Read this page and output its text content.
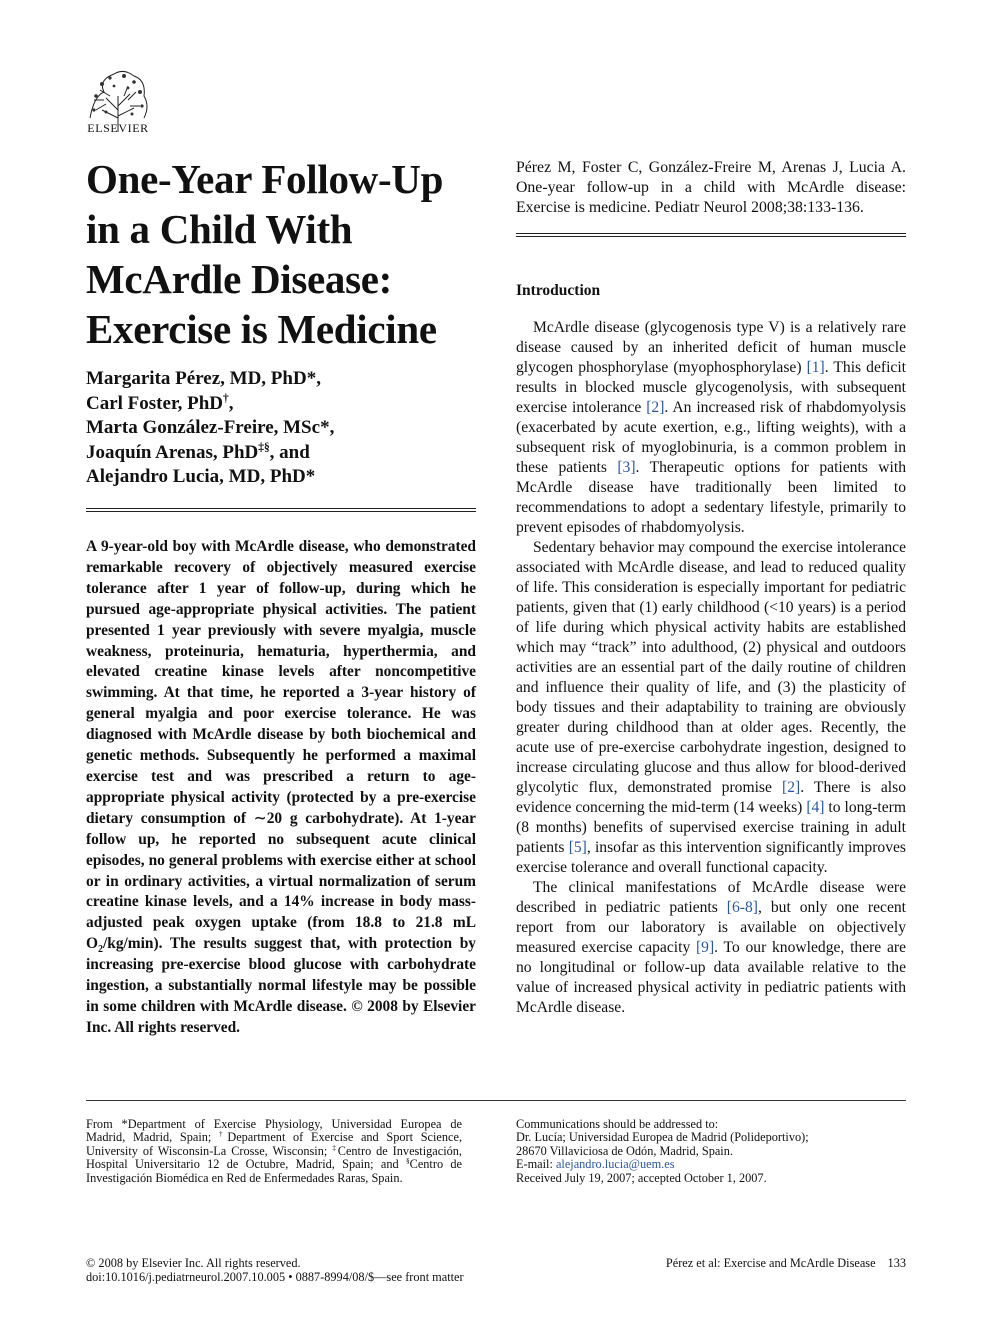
ELSEVIER
One-Year Follow-Up
in a Child With
McArdle Disease:
Exercise is Medicine
Margarita Pérez, MD, PhD*,
Carl Foster, PhD†,
Marta González-Freire, MSc*,
Joaquín Arenas, PhD‡§, and
Alejandro Lucia, MD, PhD*

A 9-year-old boy with McArdle disease, who demonstrated remarkable recovery of objectively measured exercise tolerance after 1 year of follow-up, during which he pursued age-appropriate physical activities. The patient presented 1 year previously with severe myalgia, muscle weakness, proteinuria, hematuria, hyperthermia, and elevated creatine kinase levels after noncompetitive swimming. At that time, he reported a 3-year history of general myalgia and poor exercise tolerance. He was diagnosed with McArdle disease by both biochemical and genetic methods. Subsequently he performed a maximal exercise test and was prescribed a return to age-appropriate physical activity (protected by a pre-exercise dietary consumption of ∼20 g carbohydrate). At 1-year follow up, he reported no subsequent acute clinical episodes, no general problems with exercise either at school or in ordinary activities, a virtual normalization of serum creatine kinase levels, and a 14% increase in body mass-adjusted peak oxygen uptake (from 18.8 to 21.8 mL $O_2/kg/\min$). The results suggest that, with protection by increasing pre-exercise blood glucose with carbohydrate ingestion, a substantially normal lifestyle may be possible in some children with McArdle disease. © 2008 by Elsevier Inc. All rights reserved.

Pérez M, Foster C, González-Freire M, Arenas J, Lucia A. One-year follow-up in a child with McArdle disease: Exercise is medicine. Pediatr Neurol 2008;38:133-136.

Introduction

McArdle disease (glycogenosis type V) is a relatively rare disease caused by an inherited deficit of human muscle glycogen phosphorylase (myophosphorylase) [1]. This deficit results in blocked muscle glycogenolysis, with subsequent exercise intolerance [2]. An increased risk of rhabdomyolysis (exacerbated by acute exertion, e.g., lifting weights), with a subsequent risk of myoglobinuria, is a common problem in these patients [3]. Therapeutic options for patients with McArdle disease have traditionally been limited to recommendations to adopt a sedentary lifestyle, primarily to prevent episodes of rhabdomyolysis.

Sedentary behavior may compound the exercise intolerance associated with McArdle disease, and lead to reduced quality of life. This consideration is especially important for pediatric patients, given that (1) early childhood (<10 years) is a period of life during which physical activity habits are established which may “track” into adulthood, (2) physical and outdoors activities are an essential part of the daily routine of children and influence their quality of life, and (3) the plasticity of body tissues and their adaptability to training are obviously greater during childhood than at older ages. Recently, the acute use of pre-exercise carbohydrate ingestion, designed to increase circulating glucose and thus allow for blood-derived glycolytic flux, demonstrated promise [2]. There is also evidence concerning the mid-term (14 weeks) [4] to long-term (8 months) benefits of supervised exercise training in adult patients [5], insofar as this intervention significantly improves exercise tolerance and overall functional capacity.

The clinical manifestations of McArdle disease were described in pediatric patients [6-8], but only one recent report from our laboratory is available on objectively measured exercise capacity [9]. To our knowledge, there are no longitudinal or follow-up data available relative to the value of increased physical activity in pediatric patients with McArdle disease.

From *Department of Exercise Physiology, Universidad Europea de Madrid, Madrid, Spain; †Department of Exercise and Sport Science, University of Wisconsin-La Crosse, Wisconsin; ‡Centro de Investigación, Hospital Universitario 12 de Octubre, Madrid, Spain; and §Centro de Investigación Biomédica en Red de Enfermedades Raras, Spain.

Communications should be addressed to:
Dr. Lucía; Universidad Europea de Madrid (Polideportivo);
28670 Villaviciosa de Odón, Madrid, Spain.
E-mail: alejandro.lucia@uem.es
Received July 19, 2007; accepted October 1, 2007.
© 2008 by Elsevier Inc. All rights reserved.
doi:10.1016/j.pediatrneurol.2007.10.005 • 0887-8994/08/$—see front matter
Pérez et al: Exercise and McArdle Disease 133
